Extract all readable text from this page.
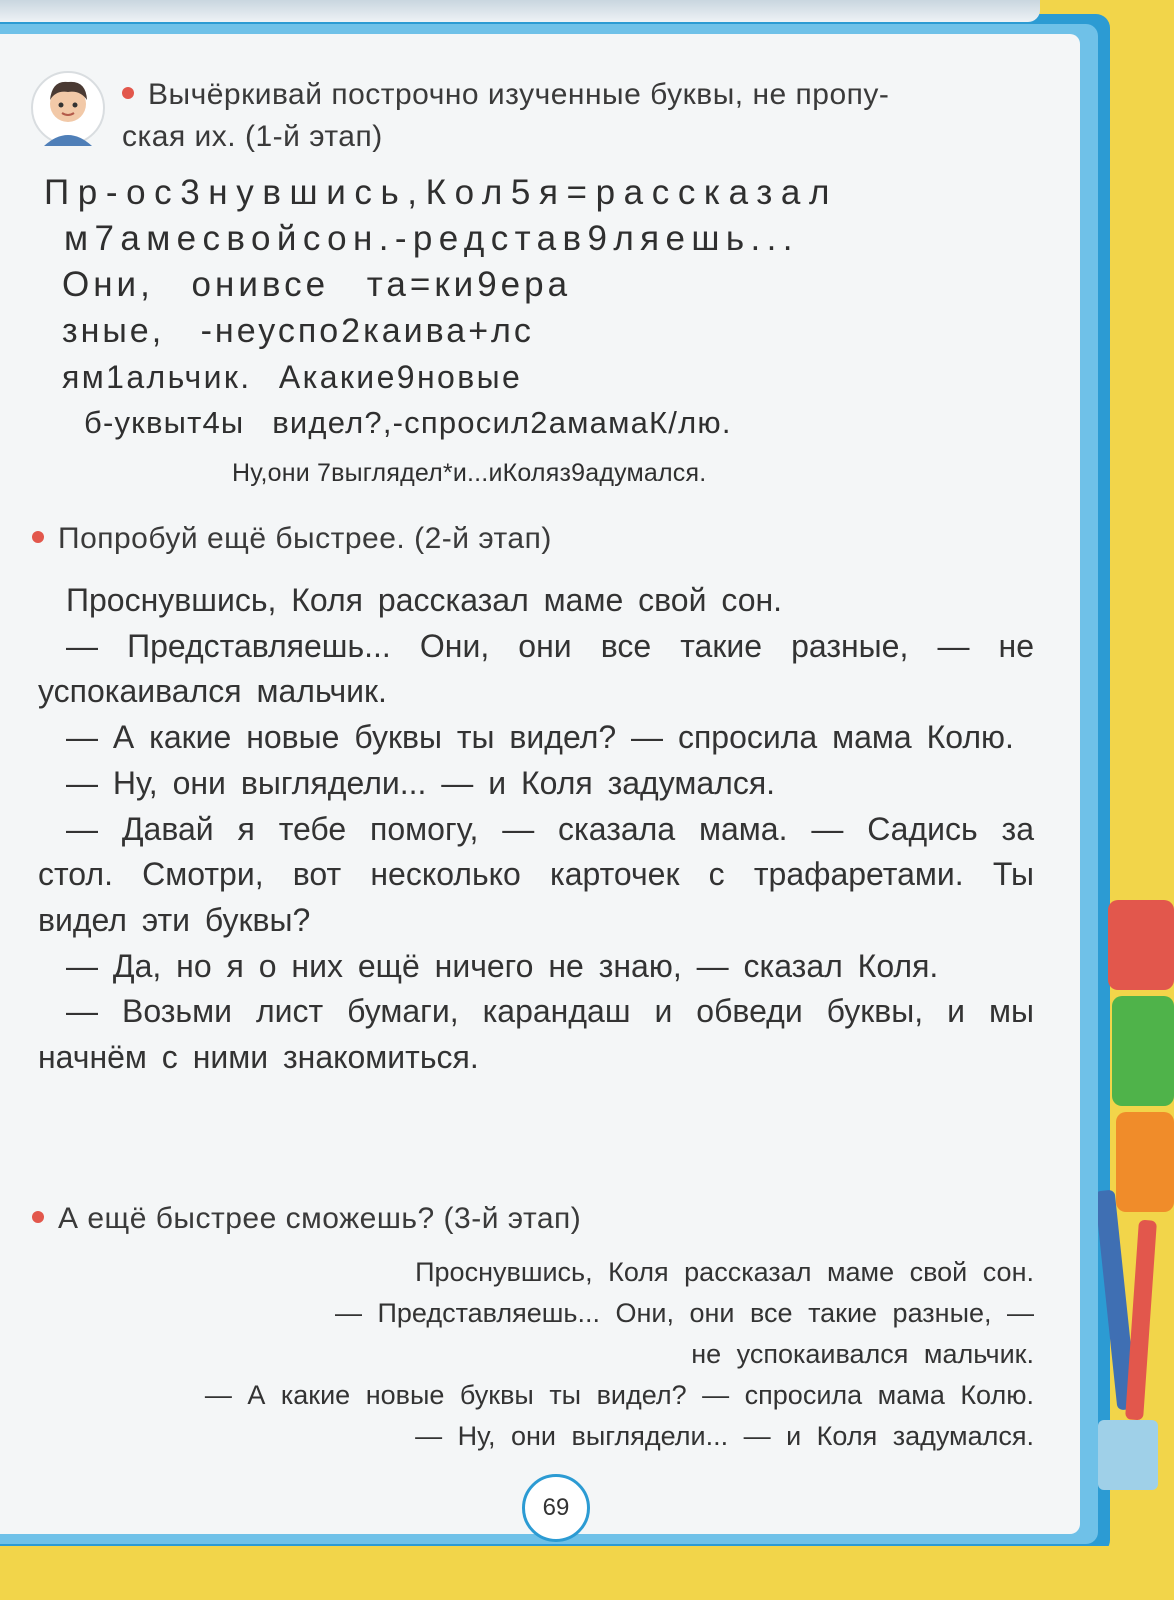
Вычёркивай построчно изученные буквы, не пропу-
ская их. (1-й этап)
Пр-ос3нувшись,Кол5я=рассказал
м7амесвойсон.-редстав9ляешь...
Они, онивсе та=ки9ера
зные, -неуспо2каива+лс
ям1альчик. Акакие9новые
б-уквыт4ы видел?,-спросил2амамаК/лю.
Ну,они 7выглядел*и...иКоляз9адумался.
Попробуй ещё быстрее. (2-й этап)

Проснувшись, Коля рассказал маме свой сон.

— Представляешь... Они, они все такие разные, — не успокаивался мальчик.

— А какие новые буквы ты видел? — спросила мама Колю.

— Ну, они выглядели... — и Коля задумался.

— Давай я тебе помогу, — сказала мама. — Садись за стол. Смотри, вот несколько карточек с трафаретами. Ты видел эти буквы?

— Да, но я о них ещё ничего не знаю, — сказал Коля.

— Возьми лист бумаги, карандаш и обведи буквы, и мы начнём с ними знакомиться.

А ещё быстрее сможешь? (3-й этап)
Проснувшись, Коля рассказал маме свой сон.
— Представляешь... Они, они все такие разные, —
не успокаивался мальчик.
— А какие новые буквы ты видел? — спросила мама Колю.
— Ну, они выглядели... — и Коля задумался.
69
